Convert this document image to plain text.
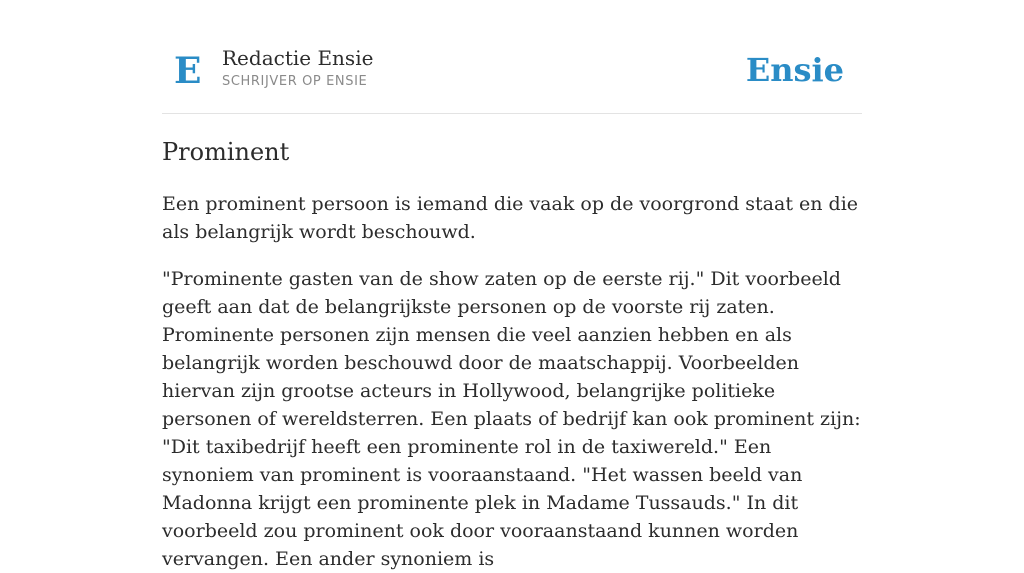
E Redactie Ensie
SCHRIJVER OP ENSIE	Ensie
Prominent

Een prominent persoon is iemand die vaak op de voorgrond staat en die als belangrijk wordt beschouwd.

"Prominente gasten van de show zaten op de eerste rij." Dit voorbeeld geeft aan dat de belangrijkste personen op de voorste rij zaten. Prominente personen zijn mensen die veel aanzien hebben en als belangrijk worden beschouwd door de maatschappij. Voorbeelden hiervan zijn grootse acteurs in Hollywood, belangrijke politieke personen of wereldsterren. Een plaats of bedrijf kan ook prominent zijn: "Dit taxibedrijf heeft een prominente rol in de taxiwereld." Een synoniem van prominent is vooraanstaand. "Het wassen beeld van Madonna krijgt een prominente plek in Madame Tussauds." In dit voorbeeld zou prominent ook door vooraanstaand kunnen worden vervangen. Een ander synoniem is
